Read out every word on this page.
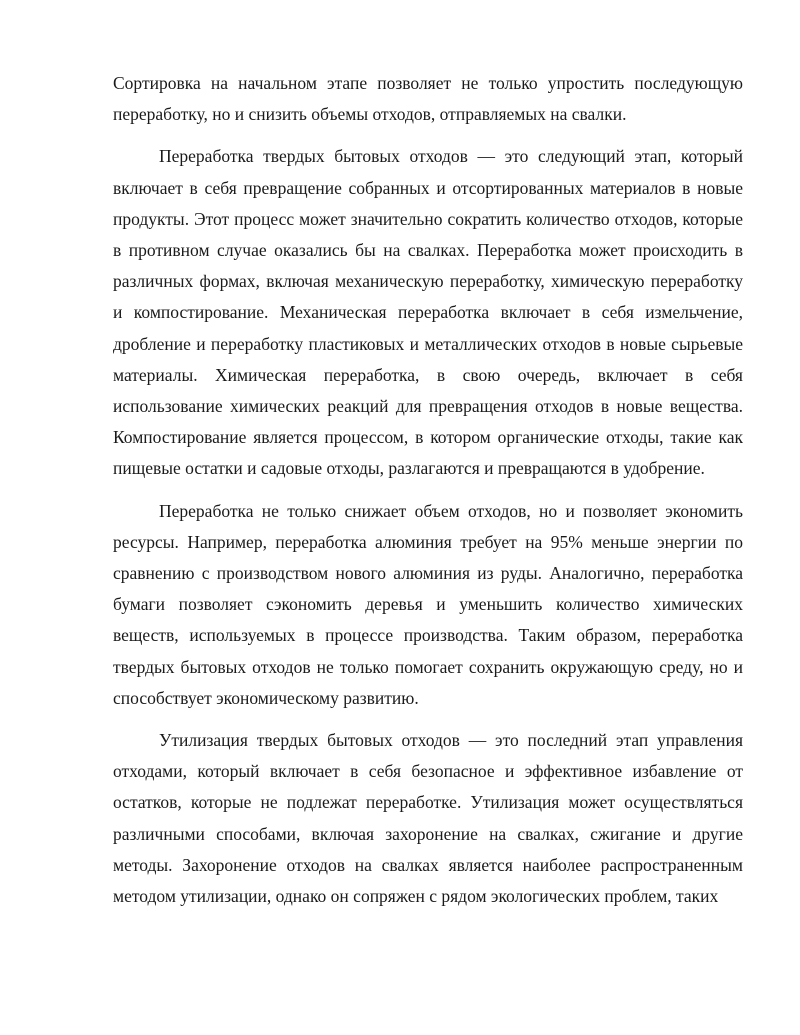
Сортировка на начальном этапе позволяет не только упростить последующую переработку, но и снизить объемы отходов, отправляемых на свалки.

Переработка твердых бытовых отходов — это следующий этап, который включает в себя превращение собранных и отсортированных материалов в новые продукты. Этот процесс может значительно сократить количество отходов, которые в противном случае оказались бы на свалках. Переработка может происходить в различных формах, включая механическую переработку, химическую переработку и компостирование. Механическая переработка включает в себя измельчение, дробление и переработку пластиковых и металлических отходов в новые сырьевые материалы. Химическая переработка, в свою очередь, включает в себя использование химических реакций для превращения отходов в новые вещества. Компостирование является процессом, в котором органические отходы, такие как пищевые остатки и садовые отходы, разлагаются и превращаются в удобрение.

Переработка не только снижает объем отходов, но и позволяет экономить ресурсы. Например, переработка алюминия требует на 95% меньше энергии по сравнению с производством нового алюминия из руды. Аналогично, переработка бумаги позволяет сэкономить деревья и уменьшить количество химических веществ, используемых в процессе производства. Таким образом, переработка твердых бытовых отходов не только помогает сохранить окружающую среду, но и способствует экономическому развитию.

Утилизация твердых бытовых отходов — это последний этап управления отходами, который включает в себя безопасное и эффективное избавление от остатков, которые не подлежат переработке. Утилизация может осуществляться различными способами, включая захоронение на свалках, сжигание и другие методы. Захоронение отходов на свалках является наиболее распространенным методом утилизации, однако он сопряжен с рядом экологических проблем, таких
